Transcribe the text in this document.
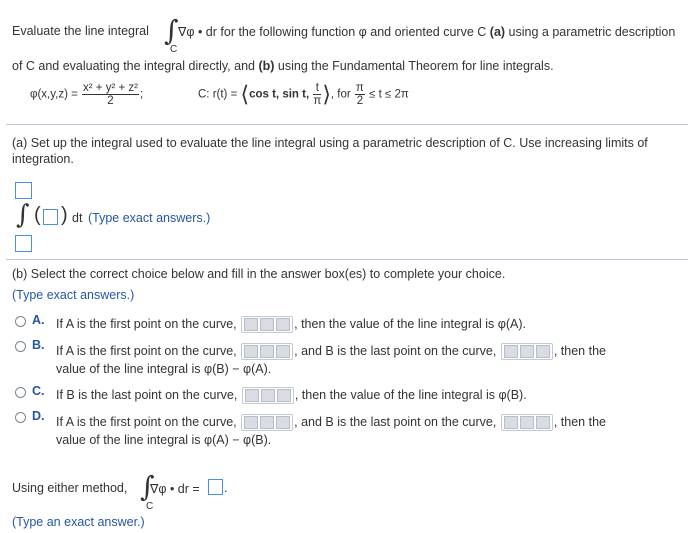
Evaluate the line integral ∫ ∇φ • dr for the following function φ and oriented curve C (a) using a parametric description
C
of C and evaluating the integral directly, and (b) using the Fundamental Theorem for line integrals.
$\varphi(x,y,z) = \frac{\text{x² + y² + z²}}{2}$ ;	C: r(t) = ⟨cos t, sin t, $\frac{t}{\pi}$ ⟩, for $\frac{\pi}{2} \le t \le 2\pi$
(a) Set up the integral used to evaluate the line integral using a parametric description of C. Use increasing limits of integration.
∫ ( ) dt (Type exact answers.)
(b) Select the correct choice below and fill in the answer box(es) to complete your choice.
(Type exact answers.)
A. If A is the first point on the curve,	, then the value of the line integral is φ(A).
B. If A is the first point on the curve,	, and B is the last point on the curve,	, then the
value of the line integral is φ(B) − φ(A).
C. If B is the last point on the curve,	, then the value of the line integral is φ(B).
D. If A is the first point on the curve,	, and B is the last point on the curve,	, then the
value of the line integral is φ(A) − φ(B).
Using either method, ∫
∇φ • dr = .
C
(Type an exact answer.)
